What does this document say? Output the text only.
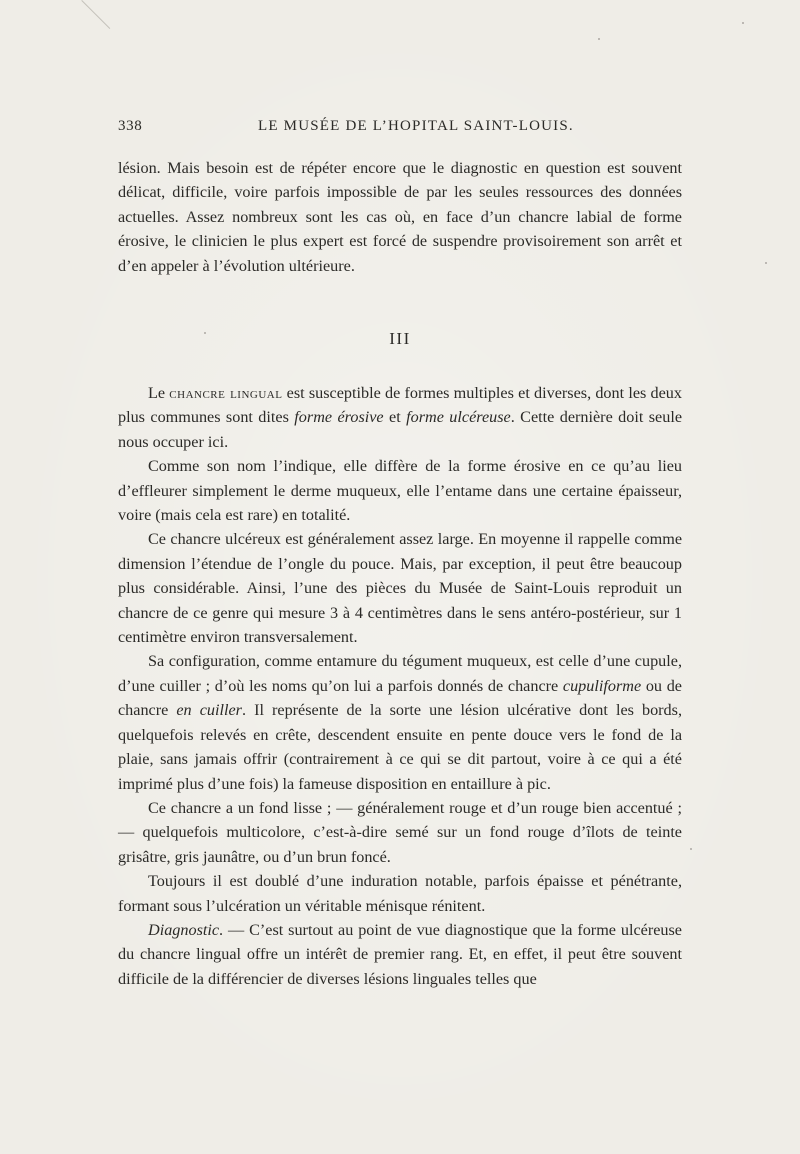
338	LE MUSÉE DE L’HOPITAL SAINT-LOUIS.

lésion. Mais besoin est de répéter encore que le diagnostic en question est souvent délicat, difficile, voire parfois impossible de par les seules ressources des données actuelles. Assez nombreux sont les cas où, en face d’un chancre labial de forme érosive, le clinicien le plus expert est forcé de suspendre provisoirement son arrêt et d’en appeler à l’évolution ultérieure.

III

Le chancre lingual est susceptible de formes multiples et diverses, dont les deux plus communes sont dites forme érosive et forme ulcéreuse. Cette dernière doit seule nous occuper ici.

Comme son nom l’indique, elle diffère de la forme érosive en ce qu’au lieu d’effleurer simplement le derme muqueux, elle l’entame dans une certaine épaisseur, voire (mais cela est rare) en totalité.

Ce chancre ulcéreux est généralement assez large. En moyenne il rappelle comme dimension l’étendue de l’ongle du pouce. Mais, par exception, il peut être beaucoup plus considérable. Ainsi, l’une des pièces du Musée de Saint-Louis reproduit un chancre de ce genre qui mesure 3 à 4 centimètres dans le sens antéro-postérieur, sur 1 centimètre environ transversalement.

Sa configuration, comme entamure du tégument muqueux, est celle d’une cupule, d’une cuiller ; d’où les noms qu’on lui a parfois donnés de chancre cupuliforme ou de chancre en cuiller. Il représente de la sorte une lésion ulcérative dont les bords, quelquefois relevés en crête, descendent ensuite en pente douce vers le fond de la plaie, sans jamais offrir (contrairement à ce qui se dit partout, voire à ce qui a été imprimé plus d’une fois) la fameuse disposition en entaillure à pic.

Ce chancre a un fond lisse ; — généralement rouge et d’un rouge bien accentué ; — quelquefois multicolore, c’est-à-dire semé sur un fond rouge d’îlots de teinte grisâtre, gris jaunâtre, ou d’un brun foncé.

Toujours il est doublé d’une induration notable, parfois épaisse et pénétrante, formant sous l’ulcération un véritable ménisque rénitent.

Diagnostic. — C’est surtout au point de vue diagnostique que la forme ulcéreuse du chancre lingual offre un intérêt de premier rang. Et, en effet, il peut être souvent difficile de la différencier de diverses lésions linguales telles que
